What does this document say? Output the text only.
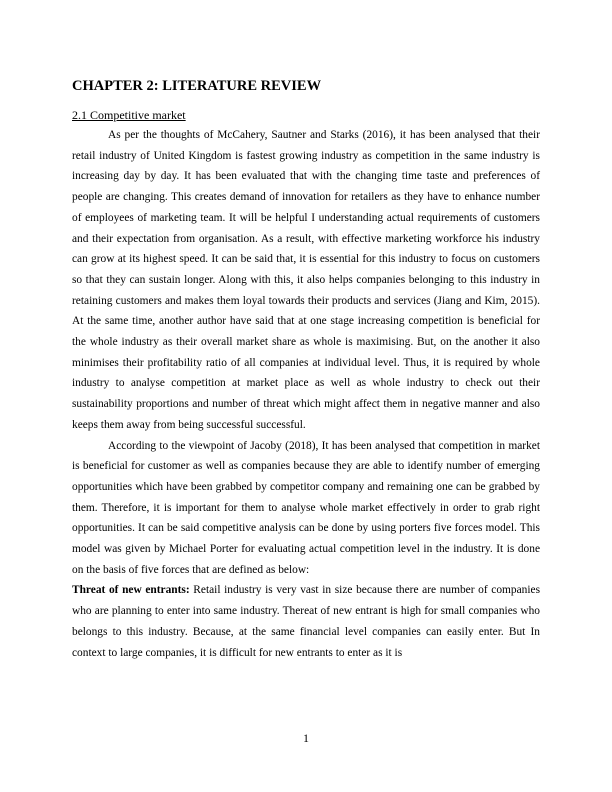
CHAPTER 2: LITERATURE REVIEW
2.1 Competitive market

As per the thoughts of McCahery, Sautner and Starks (2016), it has been analysed that their retail industry of United Kingdom is fastest growing industry as competition in the same industry is increasing day by day. It has been evaluated that with the changing time taste and preferences of people are changing. This creates demand of innovation for retailers as they have to enhance number of employees of marketing team. It will be helpful I understanding actual requirements of customers and their expectation from organisation. As a result, with effective marketing workforce his industry can grow at its highest speed. It can be said that, it is essential for this industry to focus on customers so that they can sustain longer. Along with this, it also helps companies belonging to this industry in retaining customers and makes them loyal towards their products and services (Jiang and Kim, 2015). At the same time, another author have said that at one stage increasing competition is beneficial for the whole industry as their overall market share as whole is maximising. But, on the another it also minimises their profitability ratio of all companies at individual level. Thus, it is required by whole industry to analyse competition at market place as well as whole industry to check out their sustainability proportions and number of threat which might affect them in negative manner and also keeps them away from being successful successful.

According to the viewpoint of Jacoby (2018), It has been analysed that competition in market is beneficial for customer as well as companies because they are able to identify number of emerging opportunities which have been grabbed by competitor company and remaining one can be grabbed by them. Therefore, it is important for them to analyse whole market effectively in order to grab right opportunities. It can be said competitive analysis can be done by using porters five forces model. This model was given by Michael Porter for evaluating actual competition level in the industry. It is done on the basis of five forces that are defined as below:

Threat of new entrants: Retail industry is very vast in size because there are number of companies who are planning to enter into same industry. Thereat of new entrant is high for small companies who belongs to this industry. Because, at the same financial level companies can easily enter. But In context to large companies, it is difficult for new entrants to enter as it is

1
